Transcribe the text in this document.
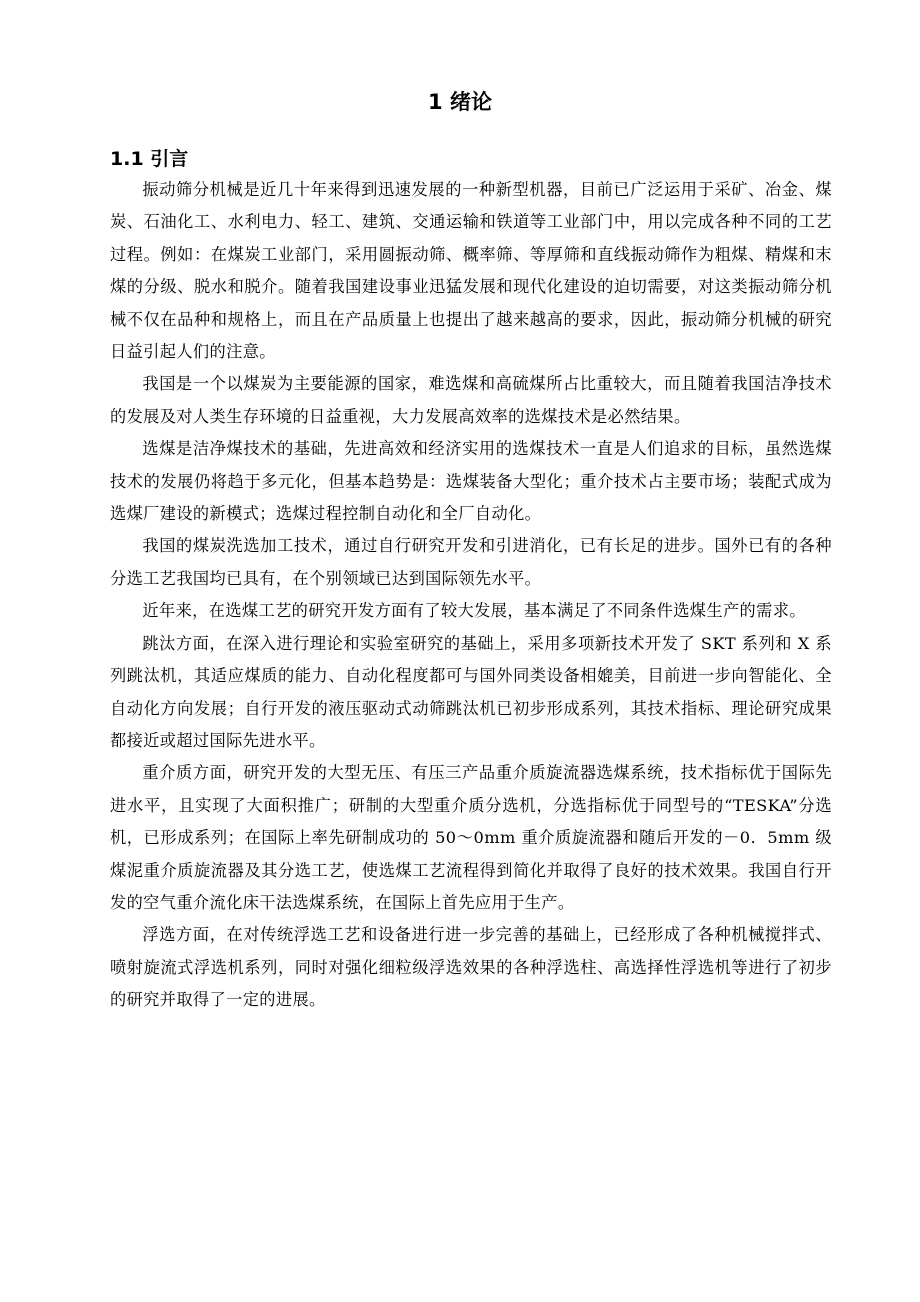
1 绪论
1.1 引言

振动筛分机械是近几十年来得到迅速发展的一种新型机器，目前已广泛运用于采矿、冶金、煤炭、石油化工、水利电力、轻工、建筑、交通运输和铁道等工业部门中，用以完成各种不同的工艺过程。例如：在煤炭工业部门，采用圆振动筛、概率筛、等厚筛和直线振动筛作为粗煤、精煤和末煤的分级、脱水和脱介。随着我国建设事业迅猛发展和现代化建设的迫切需要，对这类振动筛分机械不仅在品种和规格上，而且在产品质量上也提出了越来越高的要求，因此，振动筛分机械的研究日益引起人们的注意。

我国是一个以煤炭为主要能源的国家，难选煤和高硫煤所占比重较大，而且随着我国洁净技术的发展及对人类生存环境的日益重视，大力发展高效率的选煤技术是必然结果。

选煤是洁净煤技术的基础，先进高效和经济实用的选煤技术一直是人们追求的目标，虽然选煤技术的发展仍将趋于多元化，但基本趋势是：选煤装备大型化；重介技术占主要市场；装配式成为选煤厂建设的新模式；选煤过程控制自动化和全厂自动化。

我国的煤炭洗选加工技术，通过自行研究开发和引进消化，已有长足的进步。国外已有的各种分选工艺我国均已具有，在个别领域已达到国际领先水平。

近年来，在选煤工艺的研究开发方面有了较大发展，基本满足了不同条件选煤生产的需求。

跳汰方面，在深入进行理论和实验室研究的基础上，采用多项新技术开发了 SKT 系列和 X 系列跳汰机，其适应煤质的能力、自动化程度都可与国外同类设备相媲美，目前进一步向智能化、全自动化方向发展；自行开发的液压驱动式动筛跳汰机已初步形成系列，其技术指标、理论研究成果都接近或超过国际先进水平。

重介质方面，研究开发的大型无压、有压三产品重介质旋流器选煤系统，技术指标优于国际先进水平，且实现了大面积推广；研制的大型重介质分选机，分选指标优于同型号的“TESKA”分选机，已形成系列；在国际上率先研制成功的 50～0mm 重介质旋流器和随后开发的－0．5mm 级煤泥重介质旋流器及其分选工艺，使选煤工艺流程得到简化并取得了良好的技术效果。我国自行开发的空气重介流化床干法选煤系统，在国际上首先应用于生产。

浮选方面，在对传统浮选工艺和设备进行进一步完善的基础上，已经形成了各种机械搅拌式、喷射旋流式浮选机系列，同时对强化细粒级浮选效果的各种浮选柱、高选择性浮选机等进行了初步的研究并取得了一定的进展。
